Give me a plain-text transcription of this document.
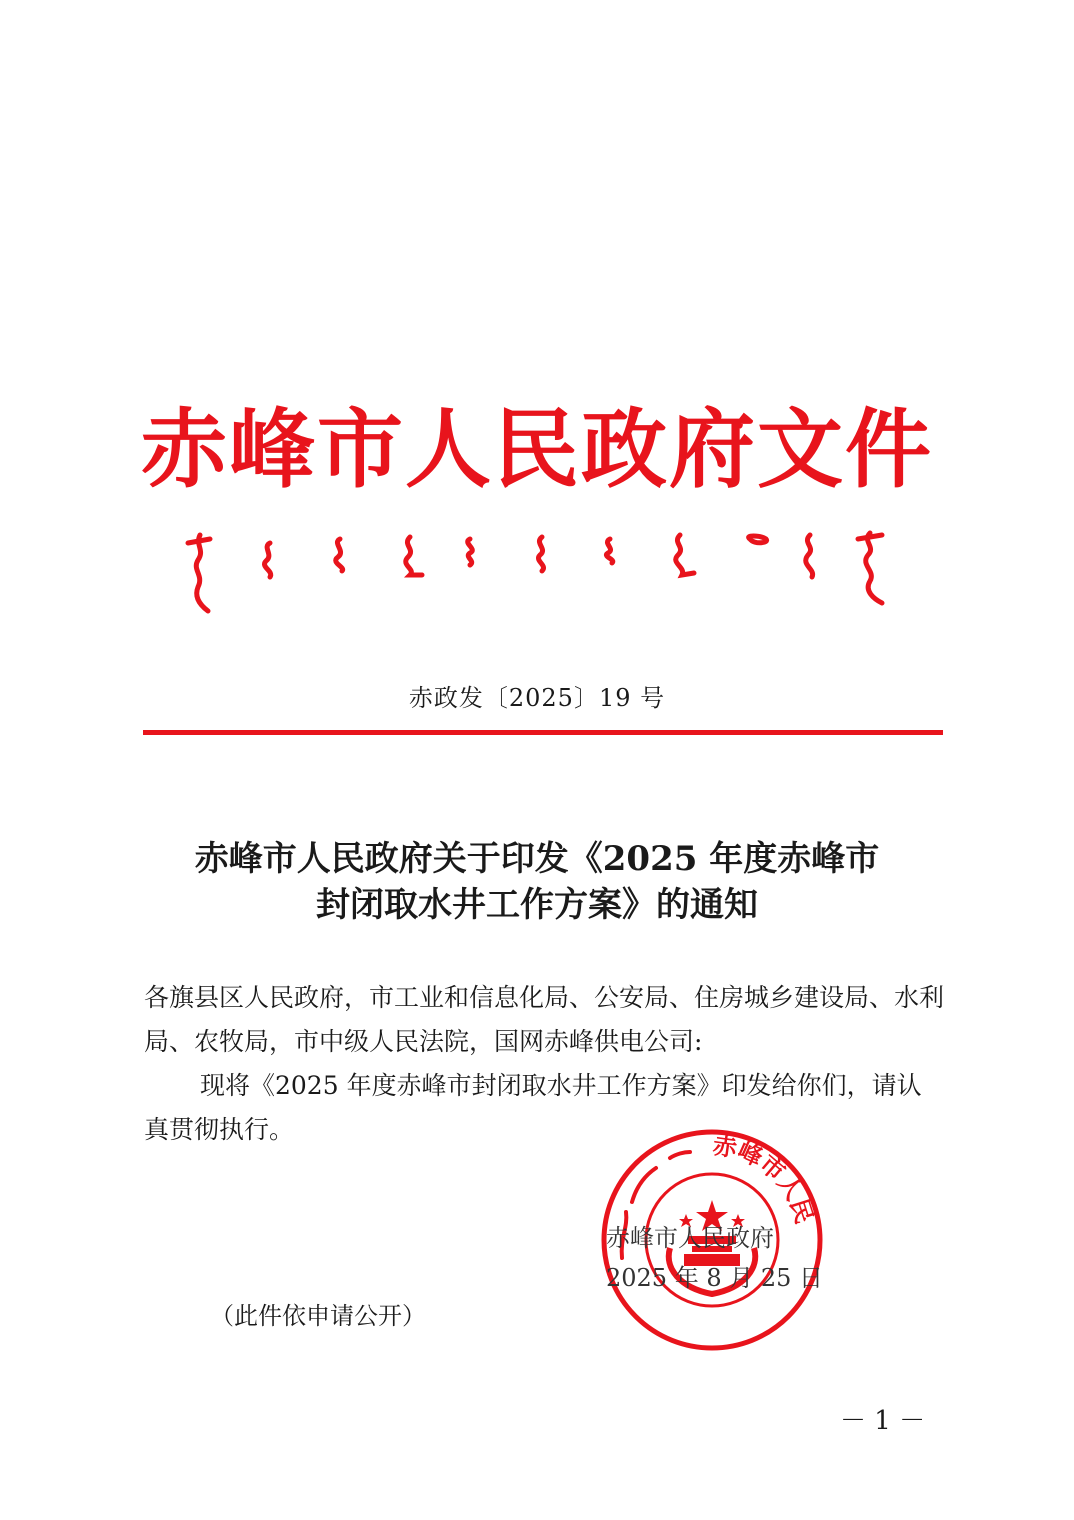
赤峰市人民政府文件
赤政发〔2025〕19 号
赤峰市人民政府关于印发《2025 年度赤峰市
封闭取水井工作方案》的通知

各旗县区人民政府，市工业和信息化局、公安局、住房城乡建设局、水利局、农牧局，市中级人民法院，国网赤峰供电公司:

现将《2025 年度赤峰市封闭取水井工作方案》印发给你们，请认真贯彻执行。

赤峰市人民
赤峰市人民政府
2025 年 8 月 25 日
（此件依申请公开）
－ 1 －
